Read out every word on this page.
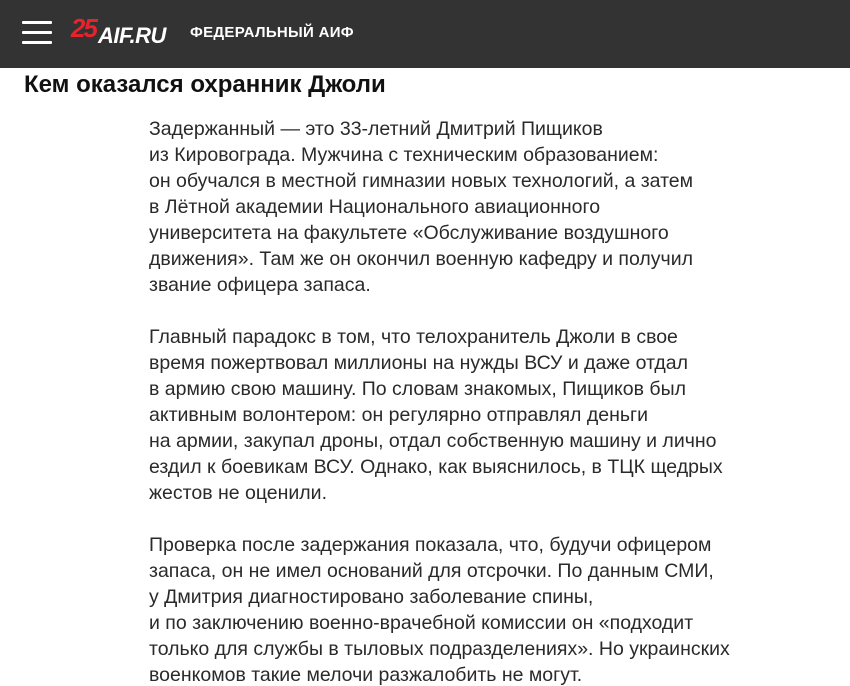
25 AIF.RU ФЕДЕРАЛЬНЫЙ АИФ
Кем оказался охранник Джоли

Задержанный — это 33-летний Дмитрий Пищиков
из Кировограда. Мужчина с техническим образованием:
он обучался в местной гимназии новых технологий, а затем
в Лётной академии Национального авиационного
университета на факультете «Обслуживание воздушного
движения». Там же он окончил военную кафедру и получил
звание офицера запаса.

Главный парадокс в том, что телохранитель Джоли в свое
время пожертвовал миллионы на нужды ВСУ и даже отдал
в армию свою машину. По словам знакомых, Пищиков был
активным волонтером: он регулярно отправлял деньги
на армии, закупал дроны, отдал собственную машину и лично
ездил к боевикам ВСУ. Однако, как выяснилось, в ТЦК щедрых
жестов не оценили.

Проверка после задержания показала, что, будучи офицером
запаса, он не имел оснований для отсрочки. По данным СМИ,
у Дмитрия диагностировано заболевание спины,
и по заключению военно-врачебной комиссии он «подходит
только для службы в тыловых подразделениях». Но украинских
военкомов такие мелочи разжалобить не могут.
